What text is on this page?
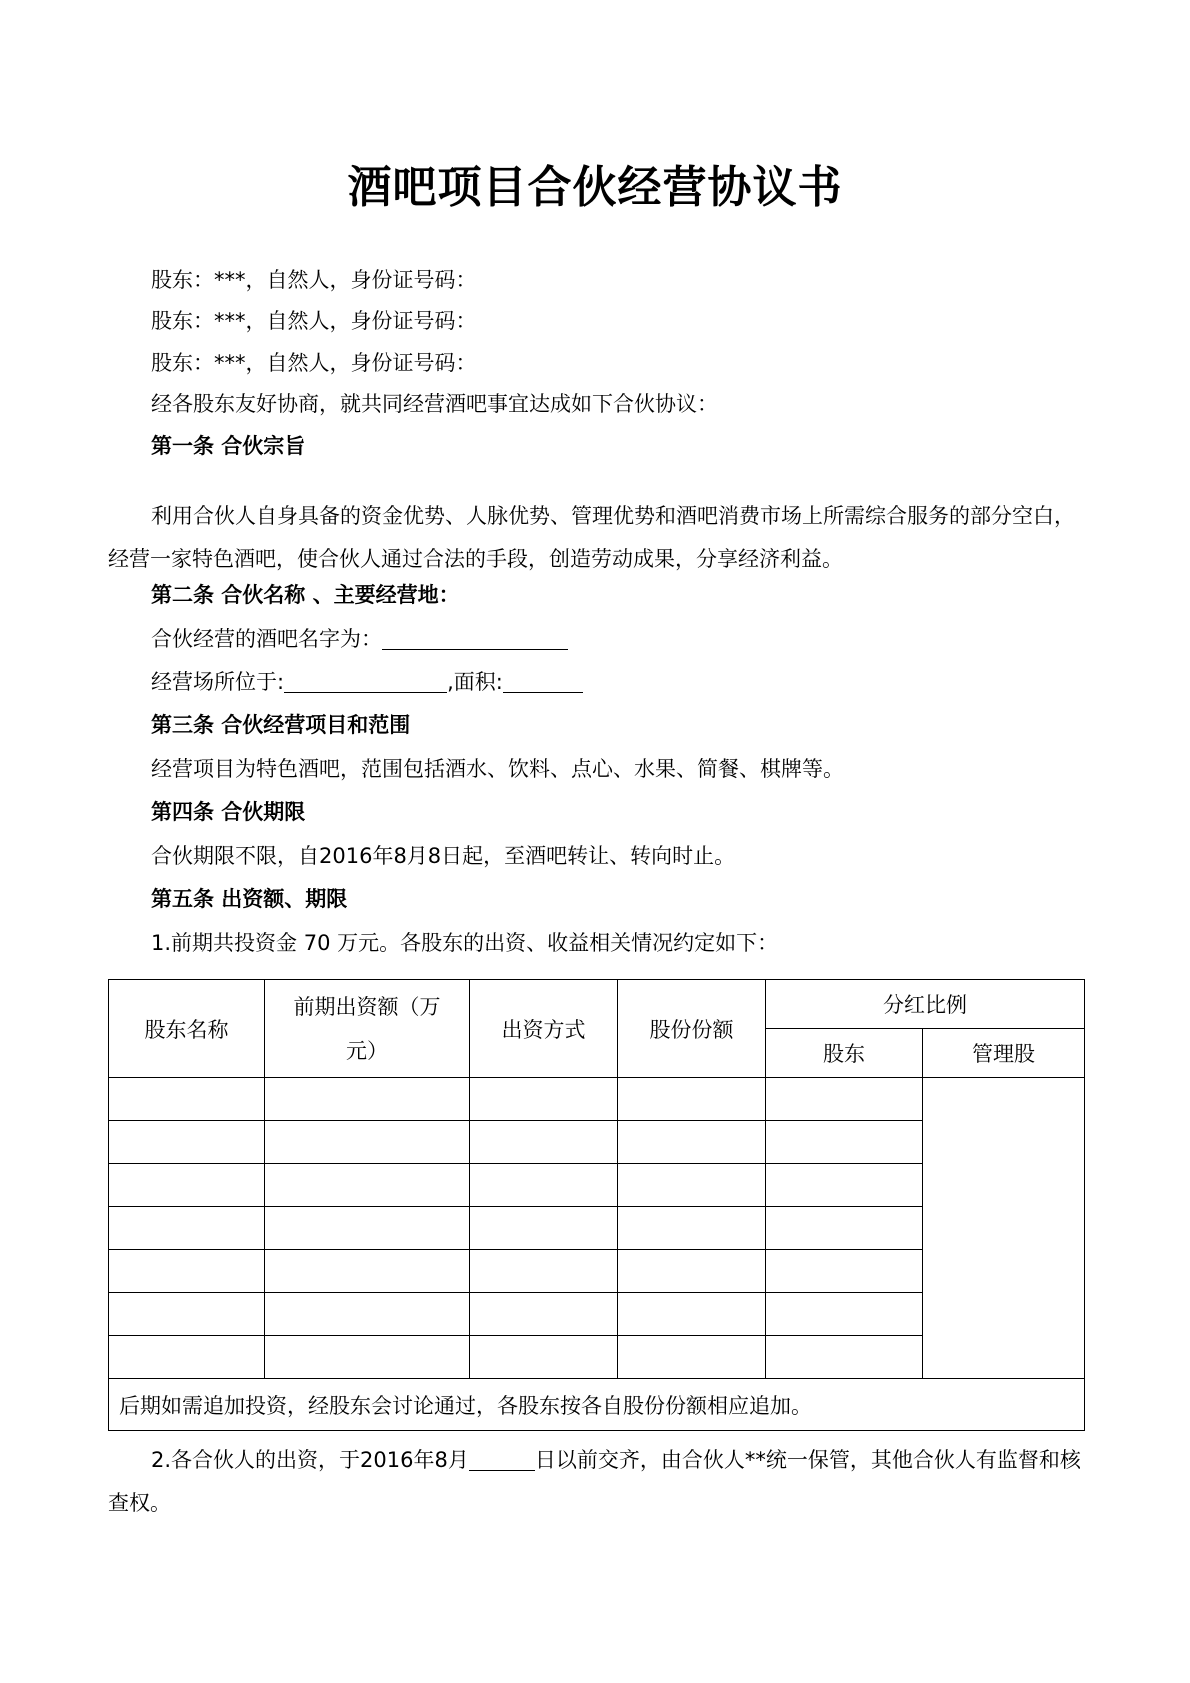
酒吧项目合伙经营协议书
股东：***，自然人，身份证号码：
股东：***，自然人，身份证号码：
股东：***，自然人，身份证号码：
经各股东友好协商，就共同经营酒吧事宜达成如下合伙协议：
第一条 合伙宗旨
利用合伙人自身具备的资金优势、人脉优势、管理优势和酒吧消费市场上所需综合服务的部分空白，经营一家特色酒吧，使合伙人通过合法的手段，创造劳动成果，分享经济利益。
第二条 合伙名称 、主要经营地：
合伙经营的酒吧名字为：
经营场所位于:	,面积:
第三条 合伙经营项目和范围
经营项目为特色酒吧，范围包括酒水、饮料、点心、水果、简餐、棋牌等。
第四条 合伙期限
合伙期限不限，自2016年8月8日起，至酒吧转让、转向时止。
第五条 出资额、期限
1.前期共投资金 70 万元。各股东的出资、收益相关情况约定如下：
股东名称	前期出资额（万元）	出资方式	股份份额	分红比例	
				股东	管理股

后期如需追加投资，经股东会讨论通过，各股东按各自股份份额相应追加。					
2.各合伙人的出资，于2016年8月	日以前交齐，由合伙人**统一保管，其他合伙人有监督和核查权。
